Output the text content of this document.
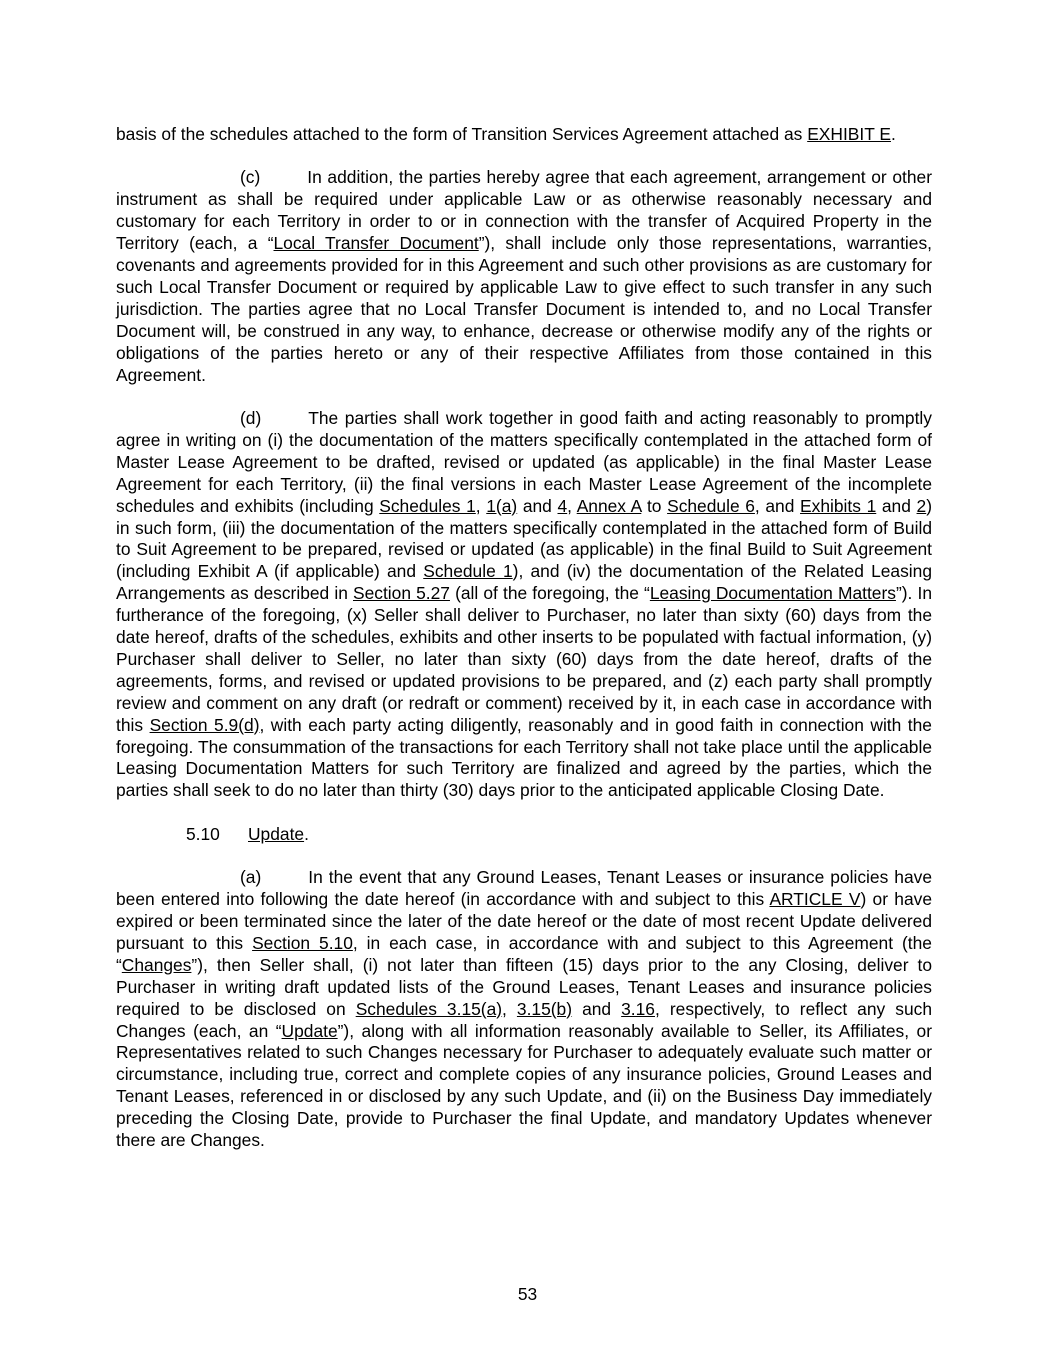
basis of the schedules attached to the form of Transition Services Agreement attached as EXHIBIT E.

(c)	In addition, the parties hereby agree that each agreement, arrangement or other instrument as shall be required under applicable Law or as otherwise reasonably necessary and customary for each Territory in order to or in connection with the transfer of Acquired Property in the Territory (each, a “Local Transfer Document”), shall include only those representations, warranties, covenants and agreements provided for in this Agreement and such other provisions as are customary for such Local Transfer Document or required by applicable Law to give effect to such transfer in any such jurisdiction. The parties agree that no Local Transfer Document is intended to, and no Local Transfer Document will, be construed in any way, to enhance, decrease or otherwise modify any of the rights or obligations of the parties hereto or any of their respective Affiliates from those contained in this Agreement.

(d)	The parties shall work together in good faith and acting reasonably to promptly agree in writing on (i) the documentation of the matters specifically contemplated in the attached form of Master Lease Agreement to be drafted, revised or updated (as applicable) in the final Master Lease Agreement for each Territory, (ii) the final versions in each Master Lease Agreement of the incomplete schedules and exhibits (including Schedules 1, 1(a) and 4, Annex A to Schedule 6, and Exhibits 1 and 2) in such form, (iii) the documentation of the matters specifically contemplated in the attached form of Build to Suit Agreement to be prepared, revised or updated (as applicable) in the final Build to Suit Agreement (including Exhibit A (if applicable) and Schedule 1), and (iv) the documentation of the Related Leasing Arrangements as described in Section 5.27 (all of the foregoing, the “Leasing Documentation Matters”). In furtherance of the foregoing, (x) Seller shall deliver to Purchaser, no later than sixty (60) days from the date hereof, drafts of the schedules, exhibits and other inserts to be populated with factual information, (y) Purchaser shall deliver to Seller, no later than sixty (60) days from the date hereof, drafts of the agreements, forms, and revised or updated provisions to be prepared, and (z) each party shall promptly review and comment on any draft (or redraft or comment) received by it, in each case in accordance with this Section 5.9(d), with each party acting diligently, reasonably and in good faith in connection with the foregoing. The consummation of the transactions for each Territory shall not take place until the applicable Leasing Documentation Matters for such Territory are finalized and agreed by the parties, which the parties shall seek to do no later than thirty (30) days prior to the anticipated applicable Closing Date.

5.10 Update.

(a)	In the event that any Ground Leases, Tenant Leases or insurance policies have been entered into following the date hereof (in accordance with and subject to this ARTICLE V) or have expired or been terminated since the later of the date hereof or the date of most recent Update delivered pursuant to this Section 5.10, in each case, in accordance with and subject to this Agreement (the “Changes”), then Seller shall, (i) not later than fifteen (15) days prior to the any Closing, deliver to Purchaser in writing draft updated lists of the Ground Leases, Tenant Leases and insurance policies required to be disclosed on Schedules 3.15(a), 3.15(b) and 3.16, respectively, to reflect any such Changes (each, an “Update”), along with all information reasonably available to Seller, its Affiliates, or Representatives related to such Changes necessary for Purchaser to adequately evaluate such matter or circumstance, including true, correct and complete copies of any insurance policies, Ground Leases and Tenant Leases, referenced in or disclosed by any such Update, and (ii) on the Business Day immediately preceding the Closing Date, provide to Purchaser the final Update, and mandatory Updates whenever there are Changes.

53
